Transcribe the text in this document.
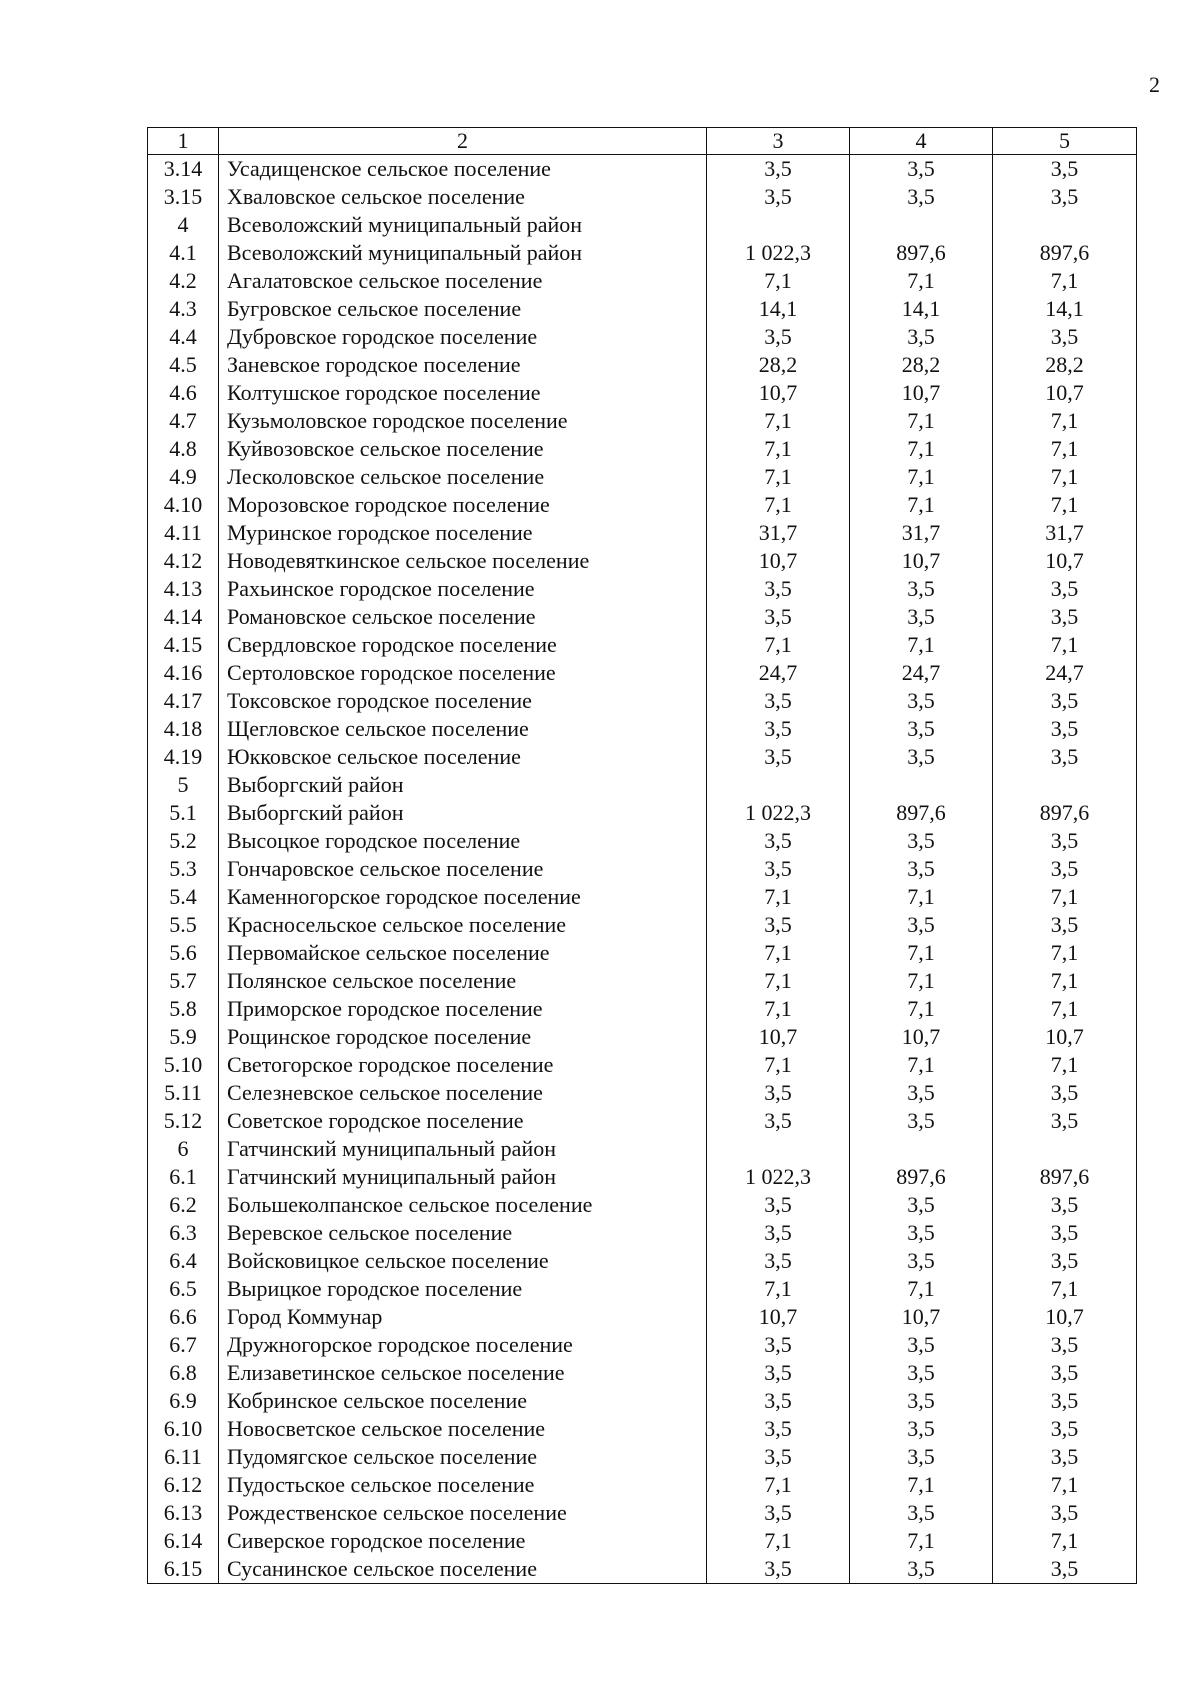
2
1	2	3	4	5
3.14	Усадищенское сельское поселение	3,5	3,5	3,5
3.15	Хваловское сельское поселение	3,5	3,5	3,5
4	Всеволожский муниципальный район			
4.1	Всеволожский муниципальный район	1 022,3	897,6	897,6
4.2	Агалатовское сельское поселение	7,1	7,1	7,1
4.3	Бугровское сельское поселение	14,1	14,1	14,1
4.4	Дубровское городское поселение	3,5	3,5	3,5
4.5	Заневское городское поселение	28,2	28,2	28,2
4.6	Колтушское городское поселение	10,7	10,7	10,7
4.7	Кузьмоловское городское поселение	7,1	7,1	7,1
4.8	Куйвозовское сельское поселение	7,1	7,1	7,1
4.9	Лесколовское сельское поселение	7,1	7,1	7,1
4.10	Морозовское городское поселение	7,1	7,1	7,1
4.11	Муринское городское поселение	31,7	31,7	31,7
4.12	Новодевяткинское сельское поселение	10,7	10,7	10,7
4.13	Рахьинское городское поселение	3,5	3,5	3,5
4.14	Романовское сельское поселение	3,5	3,5	3,5
4.15	Свердловское городское поселение	7,1	7,1	7,1
4.16	Сертоловское городское поселение	24,7	24,7	24,7
4.17	Токсовское городское поселение	3,5	3,5	3,5
4.18	Щегловское сельское поселение	3,5	3,5	3,5
4.19	Юкковское сельское поселение	3,5	3,5	3,5
5	Выборгский район			
5.1	Выборгский район	1 022,3	897,6	897,6
5.2	Высоцкое городское поселение	3,5	3,5	3,5
5.3	Гончаровское сельское поселение	3,5	3,5	3,5
5.4	Каменногорское городское поселение	7,1	7,1	7,1
5.5	Красносельское сельское поселение	3,5	3,5	3,5
5.6	Первомайское сельское поселение	7,1	7,1	7,1
5.7	Полянское сельское поселение	7,1	7,1	7,1
5.8	Приморское городское поселение	7,1	7,1	7,1
5.9	Рощинское городское поселение	10,7	10,7	10,7
5.10	Светогорское городское поселение	7,1	7,1	7,1
5.11	Селезневское сельское поселение	3,5	3,5	3,5
5.12	Советское городское поселение	3,5	3,5	3,5
6	Гатчинский муниципальный район			
6.1	Гатчинский муниципальный район	1 022,3	897,6	897,6
6.2	Большеколпанское сельское поселение	3,5	3,5	3,5
6.3	Веревское сельское поселение	3,5	3,5	3,5
6.4	Войсковицкое сельское поселение	3,5	3,5	3,5
6.5	Вырицкое городское поселение	7,1	7,1	7,1
6.6	Город Коммунар	10,7	10,7	10,7
6.7	Дружногорское городское поселение	3,5	3,5	3,5
6.8	Елизаветинское сельское поселение	3,5	3,5	3,5
6.9	Кобринское сельское поселение	3,5	3,5	3,5
6.10	Новосветское сельское поселение	3,5	3,5	3,5
6.11	Пудомягское сельское поселение	3,5	3,5	3,5
6.12	Пудостьское сельское поселение	7,1	7,1	7,1
6.13	Рождественское сельское поселение	3,5	3,5	3,5
6.14	Сиверское городское поселение	7,1	7,1	7,1
6.15	Сусанинское сельское поселение	3,5	3,5	3,5
